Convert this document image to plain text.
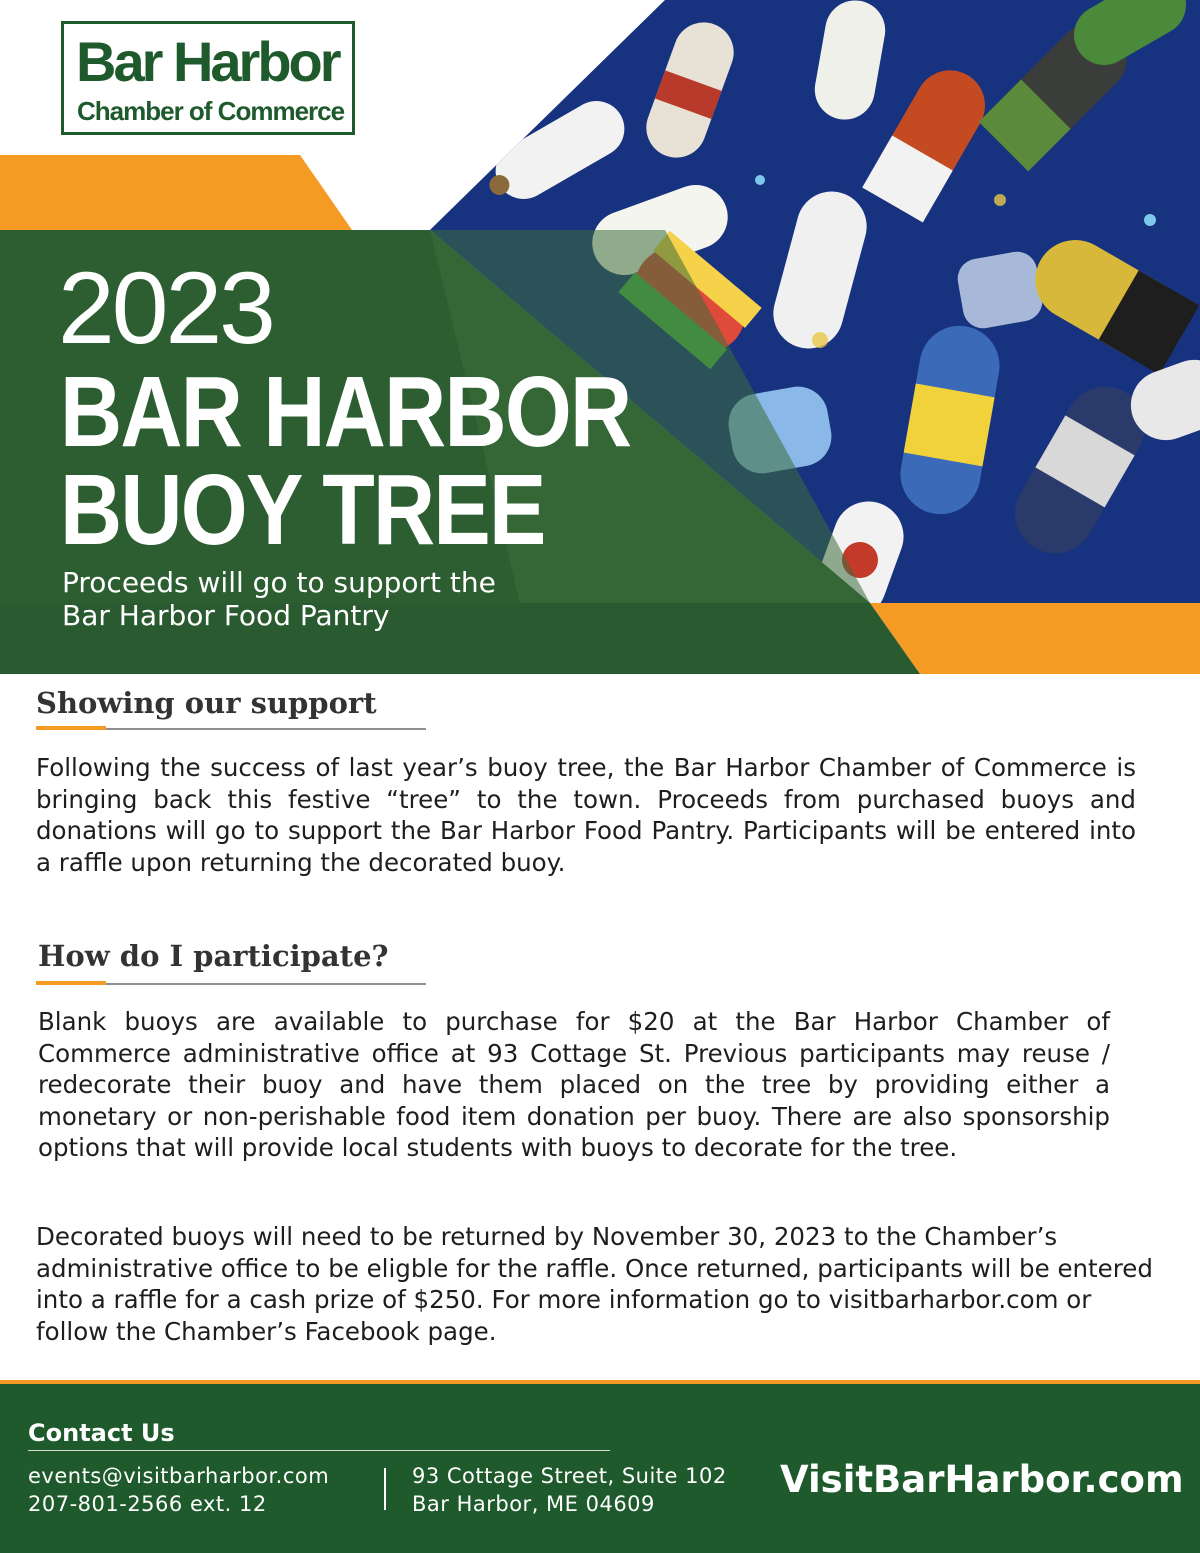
Bar Harbor
Chamber of Commerce
2023
BAR HARBOR
BUOY TREE
Proceeds will go to support the
Bar Harbor Food Pantry
Showing our support

Following the success of last year’s buoy tree, the Bar Harbor Chamber of Commerce is bringing back this festive “tree” to the town. Proceeds from purchased buoys and donations will go to support the Bar Harbor Food Pantry. Participants will be entered into a raffle upon returning the decorated buoy.

How do I participate?

Blank buoys are available to purchase for $20 at the Bar Harbor Chamber of Commerce administrative office at 93 Cottage St. Previous participants may reuse / redecorate their buoy and have them placed on the tree by providing either a monetary or non-perishable food item donation per buoy. There are also sponsorship options that will provide local students with buoys to decorate for the tree.

Decorated buoys will need to be returned by November 30, 2023 to the Chamber’s administrative office to be eligble for the raffle. Once returned, participants will be entered into a raffle for a cash prize of $250. For more information go to visitbarharbor.com or follow the Chamber’s Facebook page.

Contact Us
events@visitbarharbor.com
207-801-2566 ext. 12
93 Cottage Street, Suite 102
Bar Harbor, ME 04609
VisitBarHarbor.com
